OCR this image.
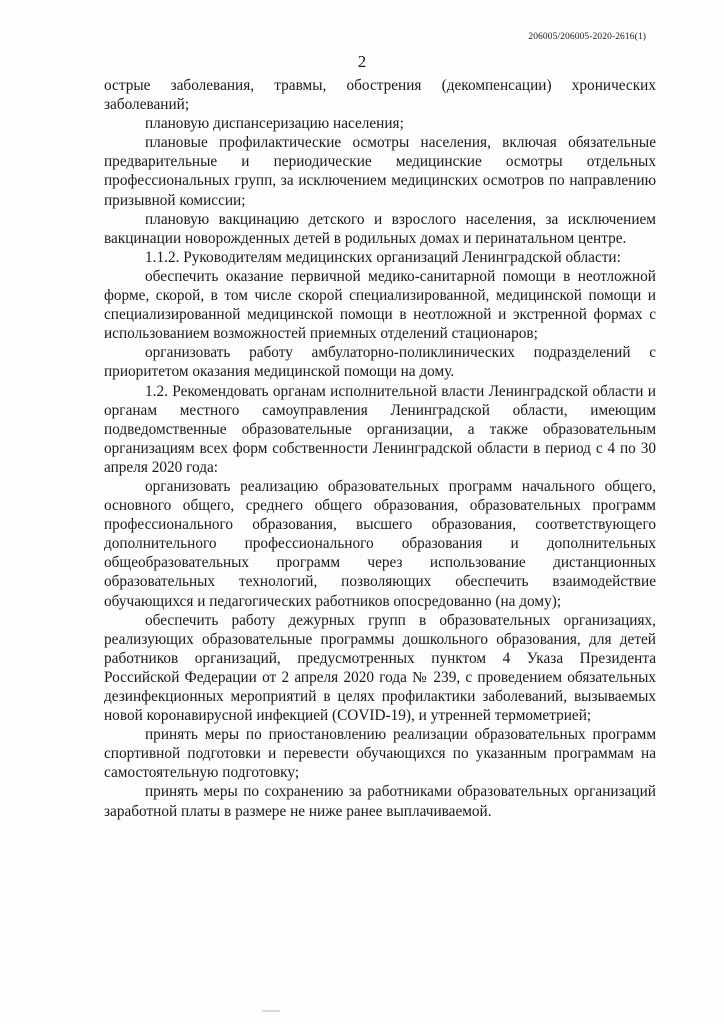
206005/206005-2020-2616(1)
2

острые заболевания, травмы, обострения (декомпенсации) хронических заболеваний;

плановую диспансеризацию населения;

плановые профилактические осмотры населения, включая обязательные предварительные и периодические медицинские осмотры отдельных профессиональных групп, за исключением медицинских осмотров по направлению призывной комиссии;

плановую вакцинацию детского и взрослого населения, за исключением вакцинации новорожденных детей в родильных домах и перинатальном центре.

1.1.2. Руководителям медицинских организаций Ленинградской области:

обеспечить оказание первичной медико-санитарной помощи в неотложной форме, скорой, в том числе скорой специализированной, медицинской помощи и специализированной медицинской помощи в неотложной и экстренной формах с использованием возможностей приемных отделений стационаров;

организовать работу амбулаторно-поликлинических подразделений с приоритетом оказания медицинской помощи на дому.

1.2. Рекомендовать органам исполнительной власти Ленинградской области и органам местного самоуправления Ленинградской области, имеющим подведомственные образовательные организации, а также образовательным организациям всех форм собственности Ленинградской области в период с 4 по 30 апреля 2020 года:

организовать реализацию образовательных программ начального общего, основного общего, среднего общего образования, образовательных программ профессионального образования, высшего образования, соответствующего дополнительного профессионального образования и дополнительных общеобразовательных программ через использование дистанционных образовательных технологий, позволяющих обеспечить взаимодействие обучающихся и педагогических работников опосредованно (на дому);

обеспечить работу дежурных групп в образовательных организациях, реализующих образовательные программы дошкольного образования, для детей работников организаций, предусмотренных пунктом 4 Указа Президента Российской Федерации от 2 апреля 2020 года № 239, с проведением обязательных дезинфекционных мероприятий в целях профилактики заболеваний, вызываемых новой коронавирусной инфекцией (COVID-19), и утренней термометрией;

принять меры по приостановлению реализации образовательных программ спортивной подготовки и перевести обучающихся по указанным программам на самостоятельную подготовку;

принять меры по сохранению за работниками образовательных организаций заработной платы в размере не ниже ранее выплачиваемой.
